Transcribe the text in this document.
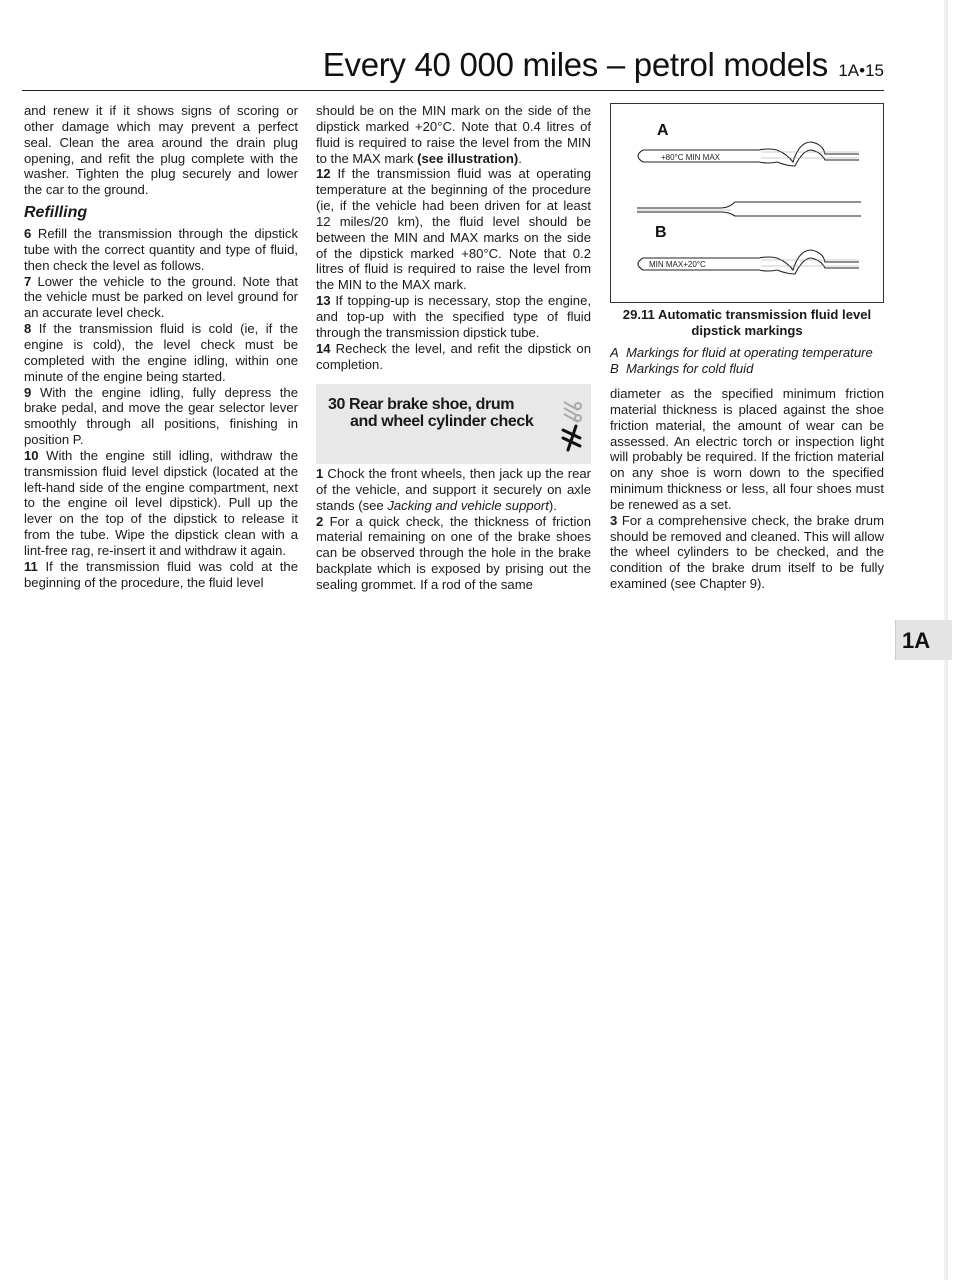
Every 40 000 miles – petrol models 1A•15

and renew it if it shows signs of scoring or other damage which may prevent a perfect seal. Clean the area around the drain plug opening, and refit the plug complete with the washer. Tighten the plug securely and lower the car to the ground.

Refilling

6 Refill the transmission through the dipstick tube with the correct quantity and type of fluid, then check the level as follows.

7 Lower the vehicle to the ground. Note that the vehicle must be parked on level ground for an accurate level check.

8 If the transmission fluid is cold (ie, if the engine is cold), the level check must be completed with the engine idling, within one minute of the engine being started.

9 With the engine idling, fully depress the brake pedal, and move the gear selector lever smoothly through all positions, finishing in position P.

10 With the engine still idling, withdraw the transmission fluid level dipstick (located at the left-hand side of the engine compartment, next to the engine oil level dipstick). Pull up the lever on the top of the dipstick to release it from the tube. Wipe the dipstick clean with a lint-free rag, re-insert it and withdraw it again.

11 If the transmission fluid was cold at the beginning of the procedure, the fluid level

should be on the MIN mark on the side of the dipstick marked +20°C. Note that 0.4 litres of fluid is required to raise the level from the MIN to the MAX mark (see illustration).

12 If the transmission fluid was at operating temperature at the beginning of the procedure (ie, if the vehicle had been driven for at least 12 miles/20 km), the fluid level should be between the MIN and MAX marks on the side of the dipstick marked +80°C. Note that 0.2 litres of fluid is required to raise the level from the MIN to the MAX mark.

13 If topping-up is necessary, stop the engine, and top-up with the specified type of fluid through the transmission dipstick tube.

14 Recheck the level, and refit the dipstick on completion.

30 Rear brake shoe, drum
and wheel cylinder check

1 Chock the front wheels, then jack up the rear of the vehicle, and support it securely on axle stands (see Jacking and vehicle support).

2 For a quick check, the thickness of friction material remaining on one of the brake shoes can be observed through the hole in the brake backplate which is exposed by prising out the sealing grommet. If a rod of the same

A
B
+80°C MIN MAX
MIN MAX+20°C
29.11 Automatic transmission fluid level dipstick markings

A Markings for fluid at operating temperature

B Markings for cold fluid

diameter as the specified minimum friction material thickness is placed against the shoe friction material, the amount of wear can be assessed. An electric torch or inspection light will probably be required. If the friction material on any shoe is worn down to the specified minimum thickness or less, all four shoes must be renewed as a set.

3 For a comprehensive check, the brake drum should be removed and cleaned. This will allow the wheel cylinders to be checked, and the condition of the brake drum itself to be fully examined (see Chapter 9).

1A
